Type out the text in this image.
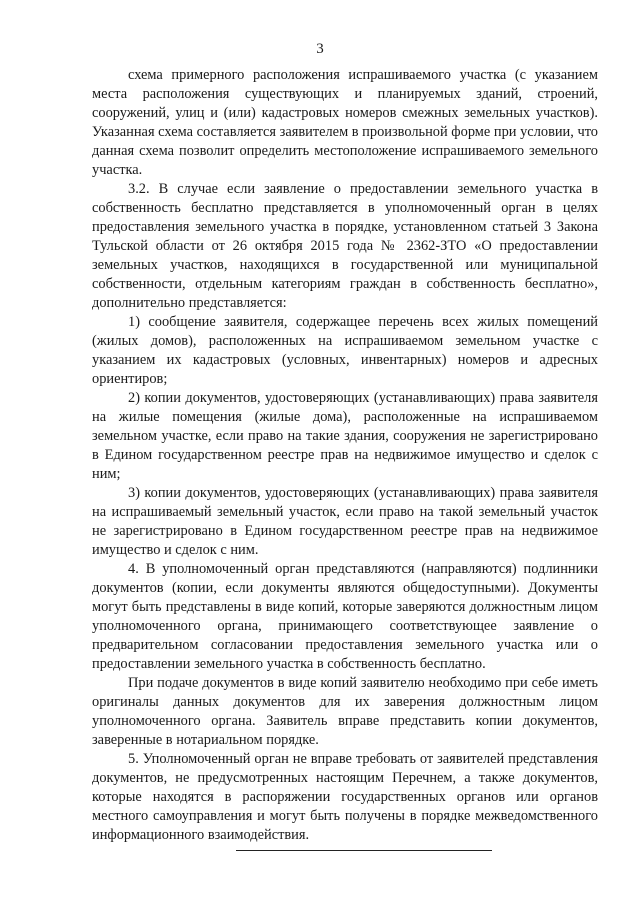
3

схема примерного расположения испрашиваемого участка (с указанием места расположения существующих и планируемых зданий, строений, сооружений, улиц и (или) кадастровых номеров смежных земельных участков). Указанная схема составляется заявителем в произвольной форме при условии, что данная схема позволит определить местоположение испрашиваемого земельного участка.

3.2. В случае если заявление о предоставлении земельного участка в собственность бесплатно представляется в уполномоченный орган в целях предоставления земельного участка в порядке, установленном статьей 3 Закона Тульской области от 26 октября 2015 года № 2362-ЗТО «О предоставлении земельных участков, находящихся в государственной или муниципальной собственности, отдельным категориям граждан в собственность бесплатно», дополнительно представляется:

1) сообщение заявителя, содержащее перечень всех жилых помещений (жилых домов), расположенных на испрашиваемом земельном участке с указанием их кадастровых (условных, инвентарных) номеров и адресных ориентиров;

2) копии документов, удостоверяющих (устанавливающих) права заявителя на жилые помещения (жилые дома), расположенные на испрашиваемом земельном участке, если право на такие здания, сооружения не зарегистрировано в Едином государственном реестре прав на недвижимое имущество и сделок с ним;

3) копии документов, удостоверяющих (устанавливающих) права заявителя на испрашиваемый земельный участок, если право на такой земельный участок не зарегистрировано в Едином государственном реестре прав на недвижимое имущество и сделок с ним.

4. В уполномоченный орган представляются (направляются) подлинники документов (копии, если документы являются общедоступными). Документы могут быть представлены в виде копий, которые заверяются должностным лицом уполномоченного органа, принимающего соответствующее заявление о предварительном согласовании предоставления земельного участка или о предоставлении земельного участка в собственность бесплатно.

При подаче документов в виде копий заявителю необходимо при себе иметь оригиналы данных документов для их заверения должностным лицом уполномоченного органа. Заявитель вправе представить копии документов, заверенные в нотариальном порядке.

5. Уполномоченный орган не вправе требовать от заявителей представления документов, не предусмотренных настоящим Перечнем, а также документов, которые находятся в распоряжении государственных органов или органов местного самоуправления и могут быть получены в порядке межведомственного информационного взаимодействия.
